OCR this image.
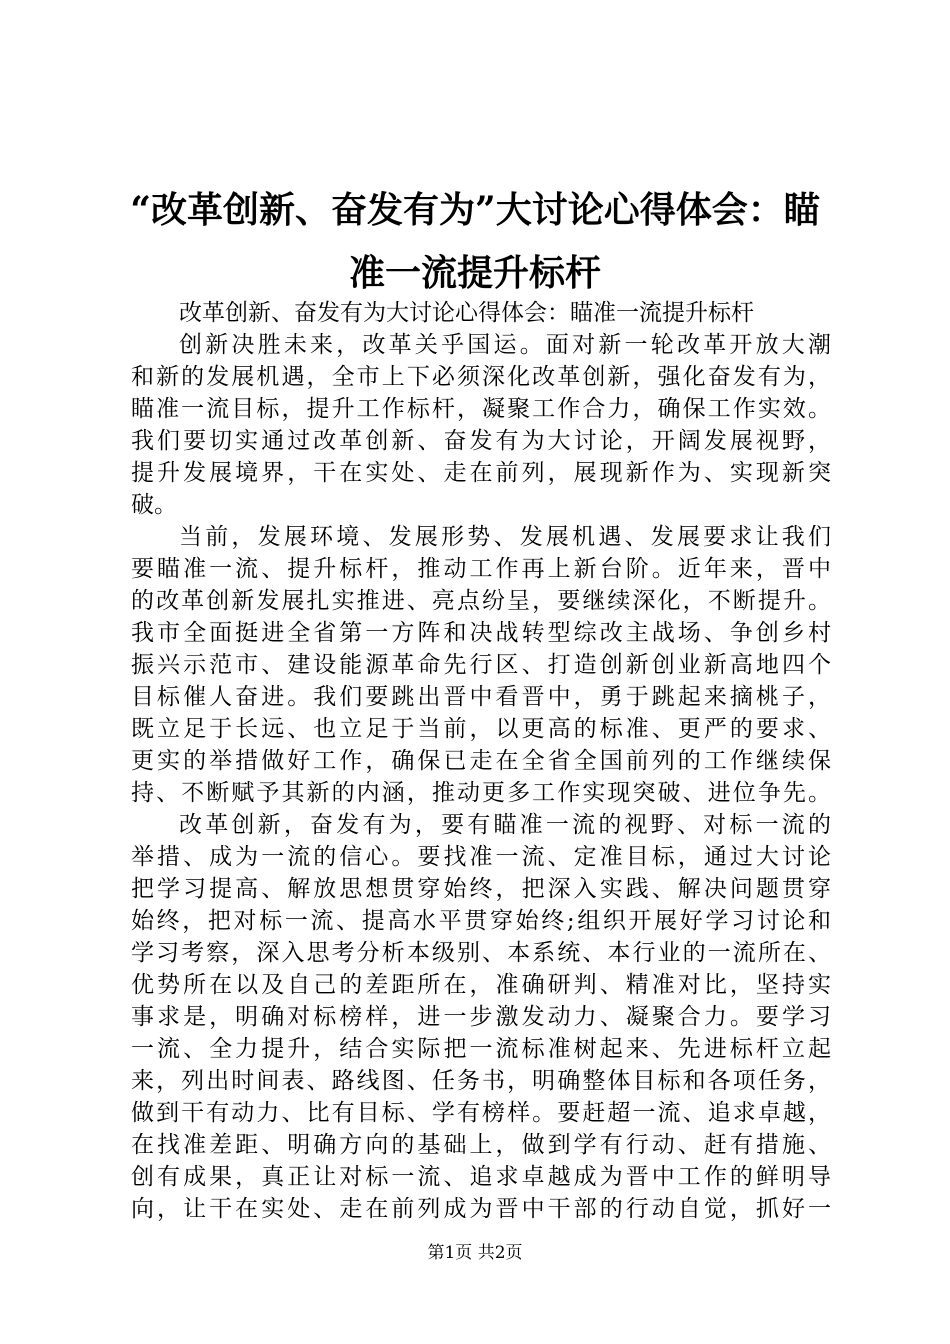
“改革创新、奋发有为”大讨论心得体会：瞄
准一流提升标杆
改革创新、奋发有为大讨论心得体会：瞄准一流提升标杆
创新决胜未来，改革关乎国运。面对新一轮改革开放大潮
和新的发展机遇，全市上下必须深化改革创新，强化奋发有为，
瞄准一流目标，提升工作标杆，凝聚工作合力，确保工作实效。
我们要切实通过改革创新、奋发有为大讨论，开阔发展视野，
提升发展境界，干在实处、走在前列，展现新作为、实现新突
破。
当前，发展环境、发展形势、发展机遇、发展要求让我们
要瞄准一流、提升标杆，推动工作再上新台阶。近年来，晋中
的改革创新发展扎实推进、亮点纷呈，要继续深化，不断提升。
我市全面挺进全省第一方阵和决战转型综改主战场、争创乡村
振兴示范市、建设能源革命先行区、打造创新创业新高地四个
目标催人奋进。我们要跳出晋中看晋中，勇于跳起来摘桃子，
既立足于长远、也立足于当前，以更高的标准、更严的要求、
更实的举措做好工作，确保已走在全省全国前列的工作继续保
持、不断赋予其新的内涵，推动更多工作实现突破、进位争先。
改革创新，奋发有为，要有瞄准一流的视野、对标一流的
举措、成为一流的信心。要找准一流、定准目标，通过大讨论
把学习提高、解放思想贯穿始终，把深入实践、解决问题贯穿
始终，把对标一流、提高水平贯穿始终;组织开展好学习讨论和
学习考察，深入思考分析本级别、本系统、本行业的一流所在、
优势所在以及自己的差距所在，准确研判、精准对比，坚持实
事求是，明确对标榜样，进一步激发动力、凝聚合力。要学习
一流、全力提升，结合实际把一流标准树起来、先进标杆立起
来，列出时间表、路线图、任务书，明确整体目标和各项任务，
做到干有动力、比有目标、学有榜样。要赶超一流、追求卓越，
在找准差距、明确方向的基础上，做到学有行动、赶有措施、
创有成果，真正让对标一流、追求卓越成为晋中工作的鲜明导
向，让干在实处、走在前列成为晋中干部的行动自觉，抓好一
第1页 共2页
